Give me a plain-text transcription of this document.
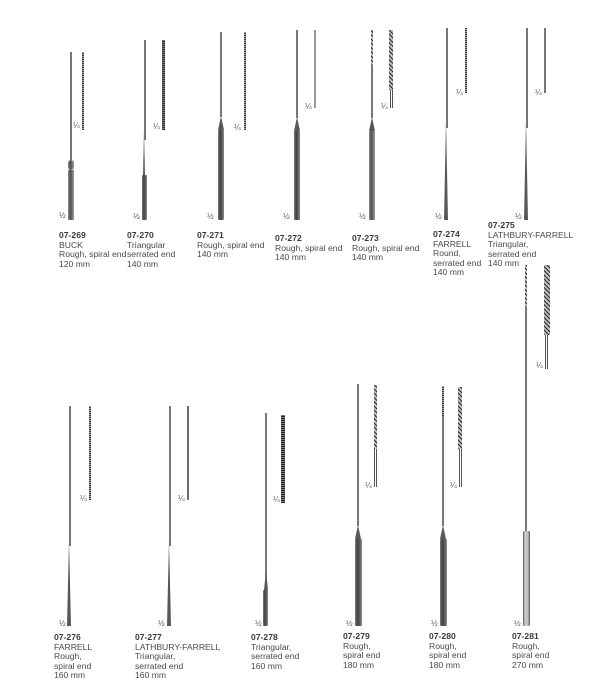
¼
½
¼
½
¼
½
¼
½
¼
½
¼
½
¼
½
07-269
BUCK
Rough, spiral end
120 mm
07-270
Triangular
serrated end
140 mm
07-271
Rough, spiral end
140 mm
07-272
Rough, spiral end
140 mm
07-273
Rough, spiral end
140 mm
07-274
FARRELL
Round,
serrated end
140 mm
07-275
LATHBURY-FARRELL
Triangular,
serrated end
140 mm
¼
½
¼
½
¼
½
¼
½
¼
½
¼
½
07-276
FARRELL
Rough,
spiral end
160 mm
07-277
LATHBURY-FARRELL
Triangular,
serrated end
160 mm
07-278
Triangular,
serrated end
160 mm
07-279
Rough,
spiral end
180 mm
07-280
Rough,
spiral end
180 mm
07-281
Rough,
spiral end
270 mm
